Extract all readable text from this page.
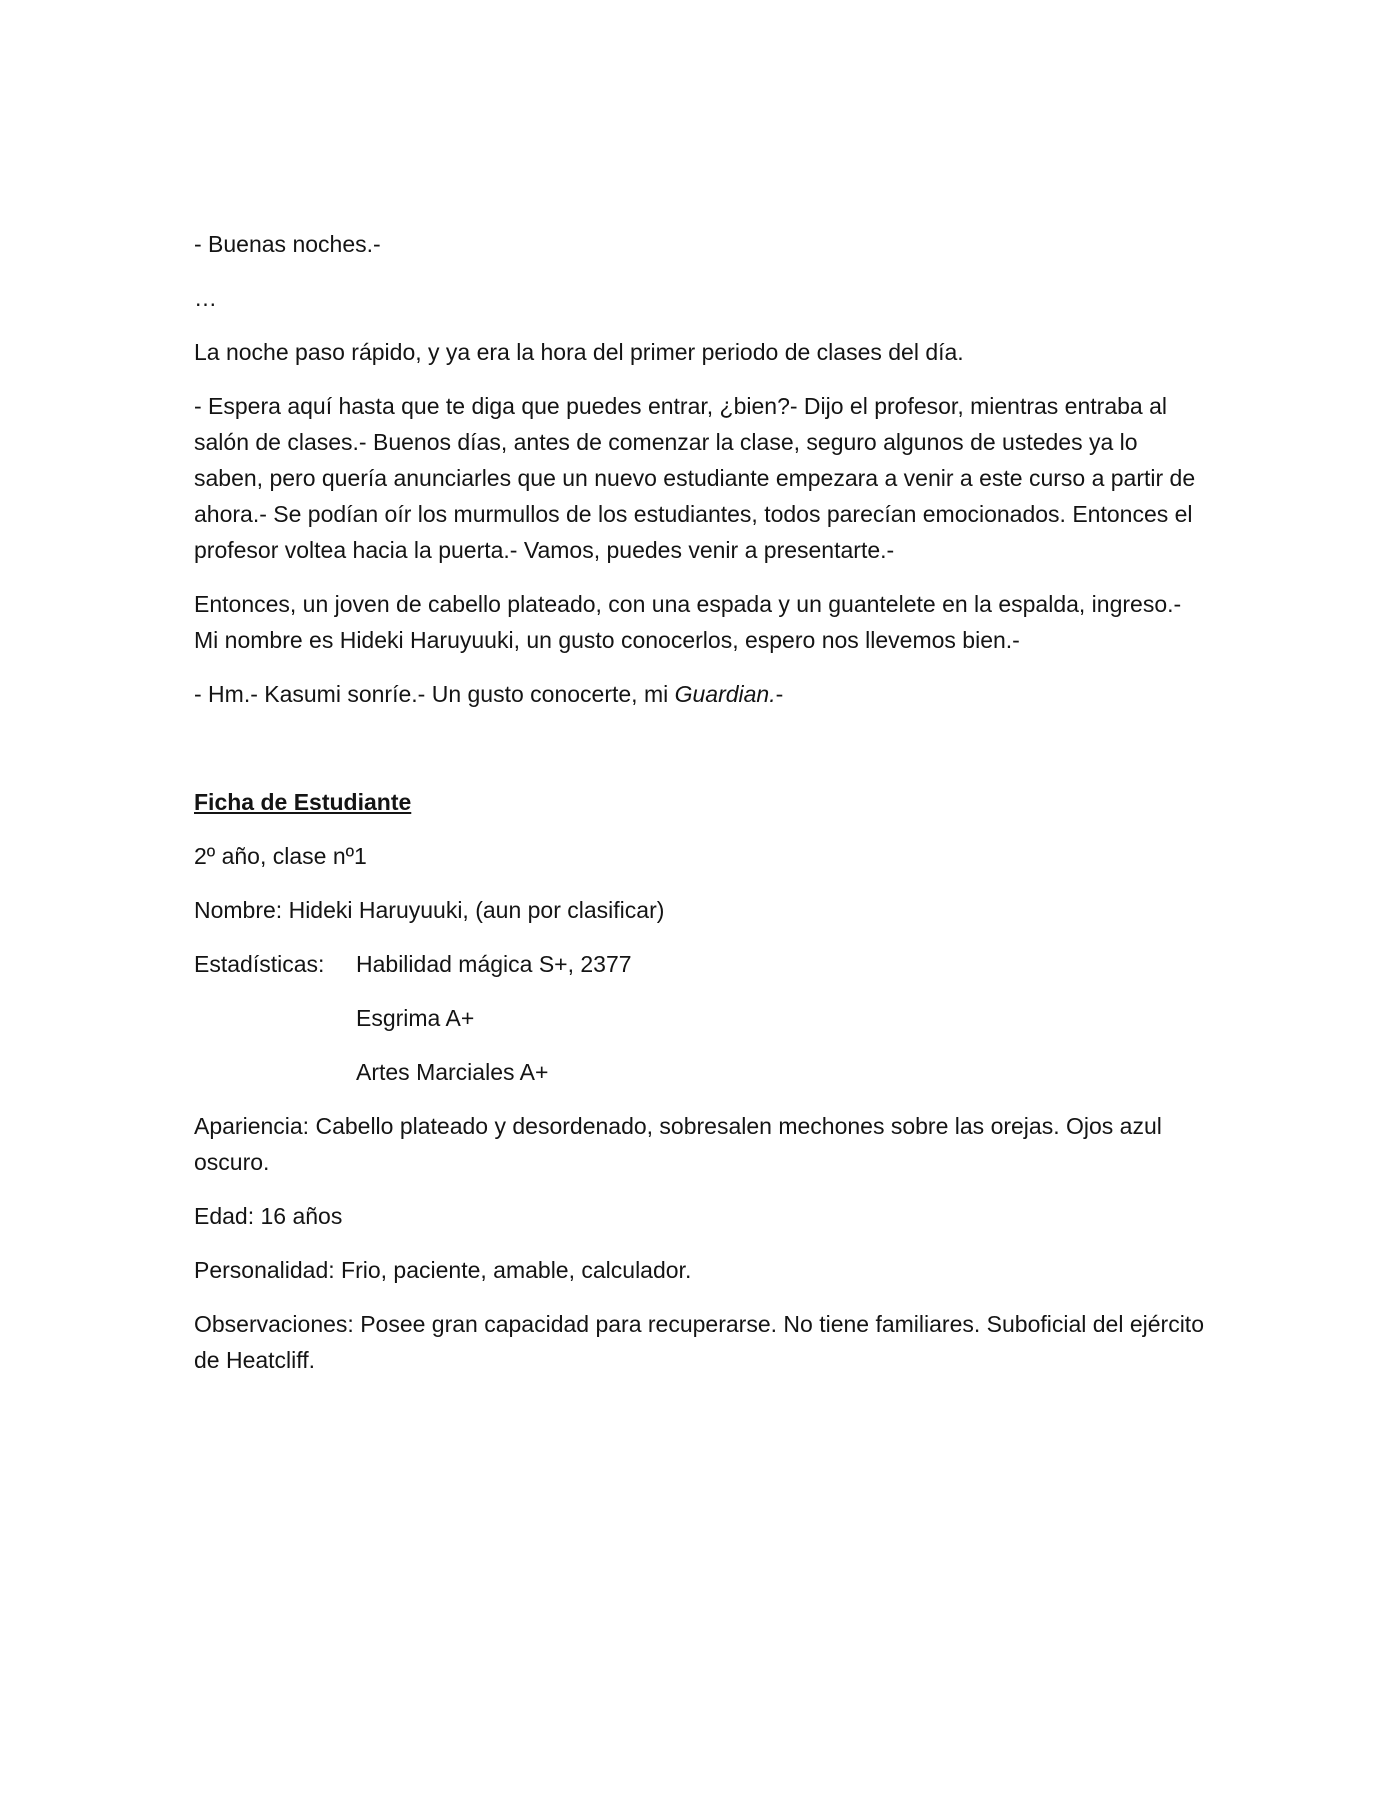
- Buenas noches.-

…

La noche paso rápido, y ya era la hora del primer periodo de clases del día.

- Espera aquí hasta que te diga que puedes entrar, ¿bien?- Dijo el profesor, mientras entraba al salón de clases.- Buenos días, antes de comenzar la clase, seguro algunos de ustedes ya lo saben, pero quería anunciarles que un nuevo estudiante empezara a venir a este curso a partir de ahora.- Se podían oír los murmullos de los estudiantes, todos parecían emocionados. Entonces el profesor voltea hacia la puerta.- Vamos, puedes venir a presentarte.-

Entonces, un joven de cabello plateado, con una espada y un guantelete en la espalda, ingreso.- Mi nombre es Hideki Haruyuuki, un gusto conocerlos, espero nos llevemos bien.-

- Hm.- Kasumi sonríe.- Un gusto conocerte, mi Guardian.-

Ficha de Estudiante

2º año, clase nº1

Nombre: Hideki Haruyuuki, (aun por clasificar)

Estadísticas:	Habilidad mágica S+, 2377

Esgrima A+

Artes Marciales A+

Apariencia: Cabello plateado y desordenado, sobresalen mechones sobre las orejas. Ojos azul oscuro.

Edad: 16 años

Personalidad: Frio, paciente, amable, calculador.

Observaciones: Posee gran capacidad para recuperarse. No tiene familiares. Suboficial del ejército de Heatcliff.
